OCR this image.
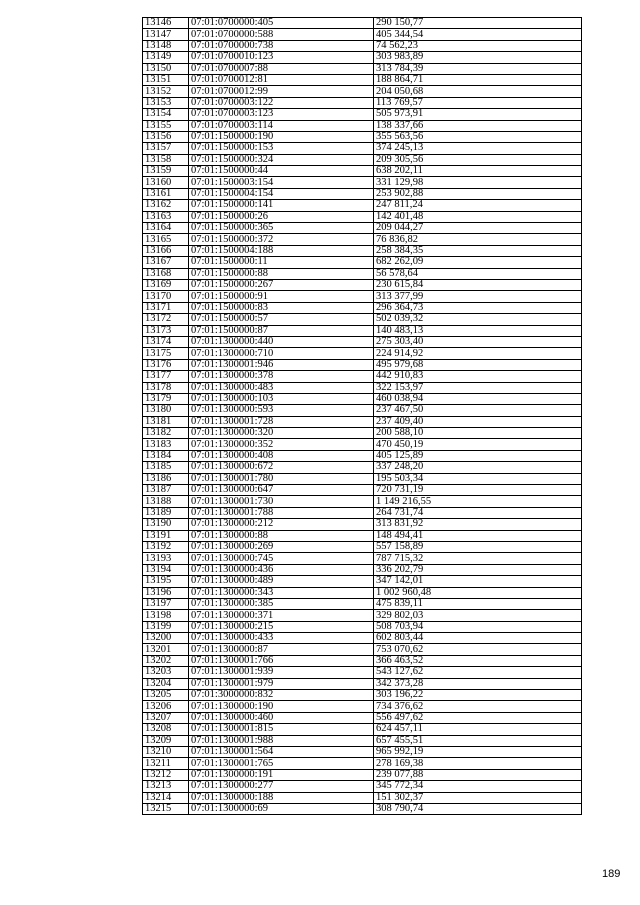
13146	07:01:0700000:405	290 150,77
13147	07:01:0700000:588	405 344,54
13148	07:01:0700000:738	74 562,23
13149	07:01:0700010:123	303 983,89
13150	07:01:0700007:88	313 784,39
13151	07:01:0700012:81	188 864,71
13152	07:01:0700012:99	204 050,68
13153	07:01:0700003:122	113 769,57
13154	07:01:0700003:123	505 973,91
13155	07:01:0700003:114	138 337,66
13156	07:01:1500000:190	355 563,56
13157	07:01:1500000:153	374 245,13
13158	07:01:1500000:324	209 305,56
13159	07:01:1500000:44	638 202,11
13160	07:01:1500003:154	331 129,98
13161	07:01:1500004:154	253 902,88
13162	07:01:1500000:141	247 811,24
13163	07:01:1500000:26	142 401,48
13164	07:01:1500000:365	209 044,27
13165	07:01:1500000:372	76 836,82
13166	07:01:1500004:188	258 384,35
13167	07:01:1500000:11	682 262,09
13168	07:01:1500000:88	56 578,64
13169	07:01:1500000:267	230 615,84
13170	07:01:1500000:91	313 377,99
13171	07:01:1500000:83	296 364,73
13172	07:01:1500000:57	502 039,32
13173	07:01:1500000:87	140 483,13
13174	07:01:1300000:440	275 303,40
13175	07:01:1300000:710	224 914,92
13176	07:01:1300001:946	495 979,68
13177	07:01:1300000:378	442 910,83
13178	07:01:1300000:483	322 153,97
13179	07:01:1300000:103	460 038,94
13180	07:01:1300000:593	237 467,50
13181	07:01:1300001:728	237 409,40
13182	07:01:1300000:320	200 588,10
13183	07:01:1300000:352	470 450,19
13184	07:01:1300000:408	405 125,89
13185	07:01:1300000:672	337 248,20
13186	07:01:1300001:780	195 503,34
13187	07:01:1300000:647	720 731,19
13188	07:01:1300001:730	1 149 216,55
13189	07:01:1300001:788	264 731,74
13190	07:01:1300000:212	313 831,92
13191	07:01:1300000:88	148 494,41
13192	07:01:1300000:269	557 158,89
13193	07:01:1300000:745	787 715,32
13194	07:01:1300000:436	336 202,79
13195	07:01:1300000:489	347 142,01
13196	07:01:1300000:343	1 002 960,48
13197	07:01:1300000:385	475 839,11
13198	07:01:1300000:371	329 802,03
13199	07:01:1300000:215	508 703,94
13200	07:01:1300000:433	602 803,44
13201	07:01:1300000:87	753 070,62
13202	07:01:1300001:766	366 463,52
13203	07:01:1300001:939	543 127,62
13204	07:01:1300001:979	342 373,28
13205	07:01:3000000:832	303 196,22
13206	07:01:1300000:190	734 376,62
13207	07:01:1300000:460	556 497,62
13208	07:01:1300001:815	624 457,11
13209	07:01:1300001:988	657 455,51
13210	07:01:1300001:564	965 992,19
13211	07:01:1300001:765	278 169,38
13212	07:01:1300000:191	239 077,88
13213	07:01:1300000:277	345 772,34
13214	07:01:1300000:188	151 302,37
13215	07:01:1300000:69	308 790,74
189
